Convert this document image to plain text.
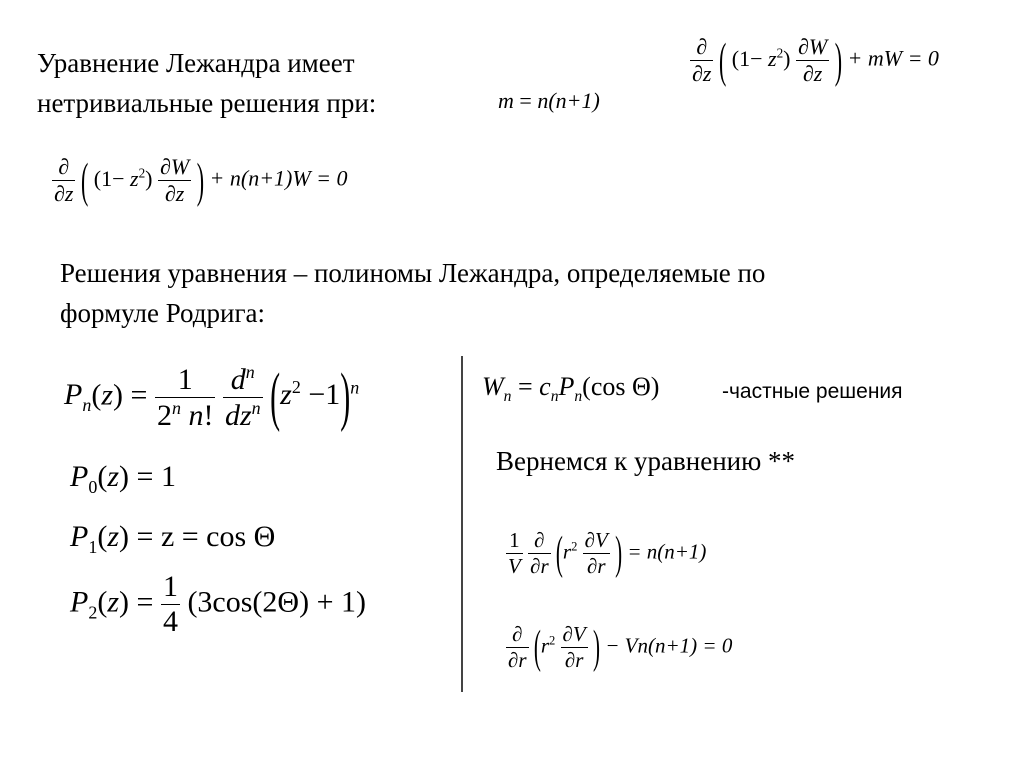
Уравнение Лежандра имеет
нетривиальные решения при:	m = n(n+1)
$\frac{\partial}{\partial z}$ ( $(1- z^2) \frac{\partial W}{\partial z}$ ) + mW = 0
$\frac{\partial}{\partial z}$ ( $(1- z^2) \frac{\partial W}{\partial z}$ ) + n(n+1)W = 0
Решения уравнения – полиномы Лежандра, определяемые по
формуле Родрига:
$P_n(z) = \frac{1}{2^n n!}$
$\frac{d^n}{dz^n} (z^2 -1)^n$
$P_0(z) = 1$
$P_1(z) = z = \cos \Theta$
$P_2(z) = \frac{1}{4} (3\cos(2\Theta) + 1)$
$W_n = c_nP_n(\cos$ Θ)	-частные решения
Вернемся к уравнению **
$\frac{1}{V}$
$\frac{\partial}{\partial r} (r^2 \frac{\partial V}{\partial r}$ ) = n(n+1)
$\frac{\partial}{\partial r} (r^2 \frac{\partial V}{\partial r}$ ) − Vn(n+1) = 0
